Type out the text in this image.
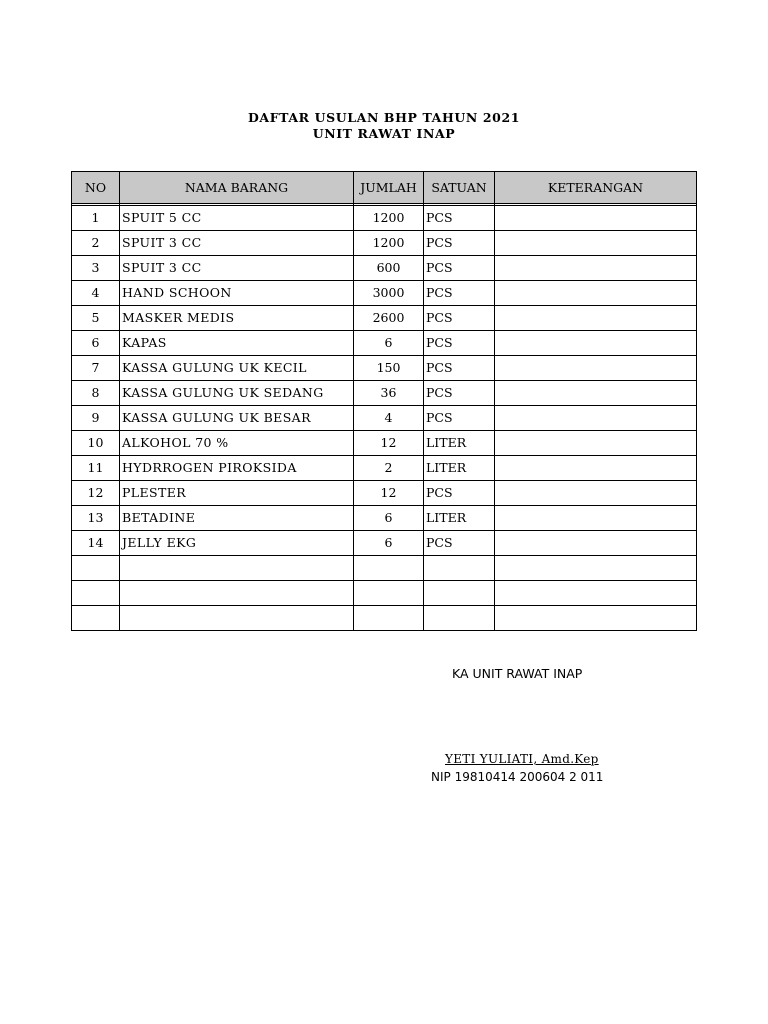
DAFTAR USULAN BHP TAHUN 2021
UNIT RAWAT INAP
NO	NAMA BARANG	JUMLAH	SATUAN	KETERANGAN

1	SPUIT 5 CC	1200	PCS	
2	SPUIT 3 CC	1200	PCS	
3	SPUIT 3 CC	600	PCS	
4	HAND SCHOON	3000	PCS	
5	MASKER MEDIS	2600	PCS	
6	KAPAS	6	PCS	
7	KASSA GULUNG UK KECIL	150	PCS	
8	KASSA GULUNG UK SEDANG	36	PCS	
9	KASSA GULUNG UK BESAR	4	PCS	
10	ALKOHOL 70 %	12	LITER	
11	HYDRROGEN PIROKSIDA	2	LITER	
12	PLESTER	12	PCS	
13	BETADINE	6	LITER	
14	JELLY EKG	6	PCS	

KA UNIT RAWAT INAP
YETI YULIATI, Amd.Kep
NIP 19810414 200604 2 011
